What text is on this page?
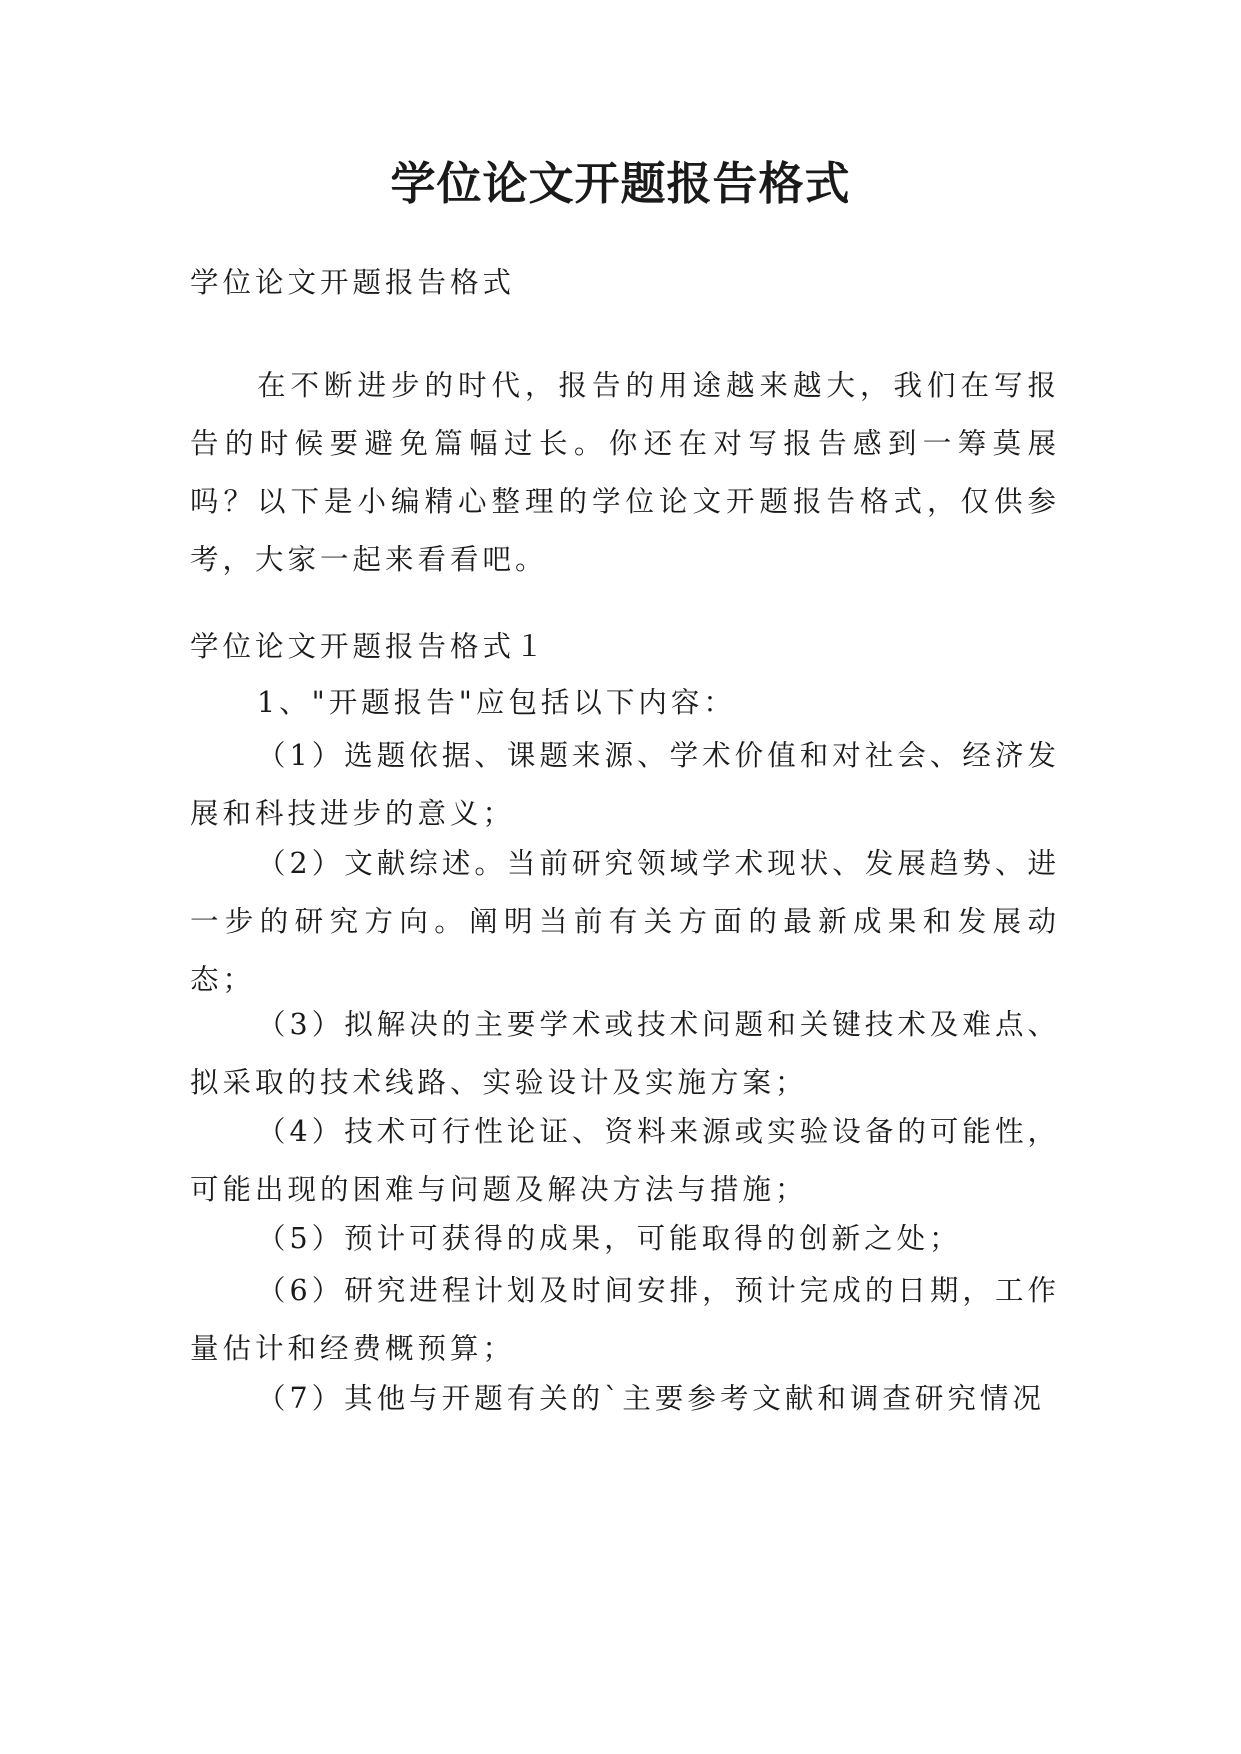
学位论文开题报告格式

学位论文开题报告格式

在不断进步的时代，报告的用途越来越大，我们在写报告的时候要避免篇幅过长。你还在对写报告感到一筹莫展吗？以下是小编精心整理的学位论文开题报告格式，仅供参考，大家一起来看看吧。

学位论文开题报告格式１

1、"开题报告"应包括以下内容：

（1）选题依据、课题来源、学术价值和对社会、经济发展和科技进步的意义；

（2）文献综述。当前研究领域学术现状、发展趋势、进一步的研究方向。阐明当前有关方面的最新成果和发展动态；

（3）拟解决的主要学术或技术问题和关键技术及难点、拟采取的技术线路、实验设计及实施方案；

（4）技术可行性论证、资料来源或实验设备的可能性，可能出现的困难与问题及解决方法与措施；

（5）预计可获得的成果，可能取得的创新之处；

（6）研究进程计划及时间安排，预计完成的日期，工作量估计和经费概预算；

（7）其他与开题有关的`主要参考文献和调查研究情况
